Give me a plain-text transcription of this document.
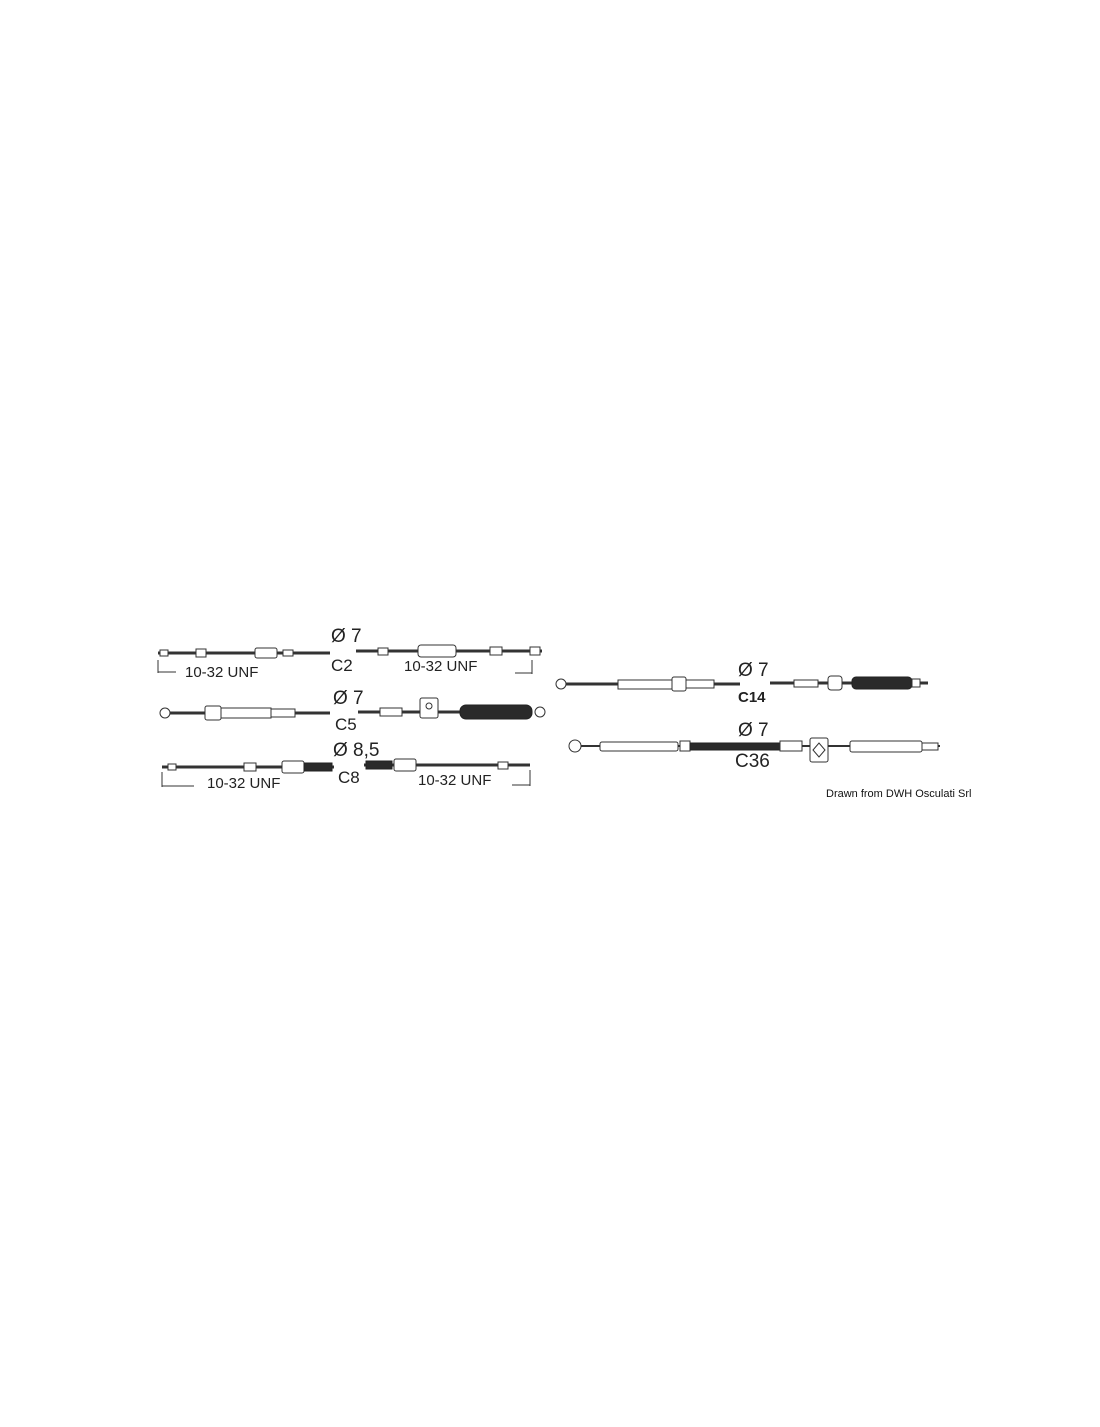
Ø 7
C2
10-32 UNF	10-32 UNF
Ø 7
C5
Ø 8,5
C8
10-32 UNF	10-32 UNF
Ø 7
C14
Ø 7
C36
Drawn from DWH Osculati Srl
